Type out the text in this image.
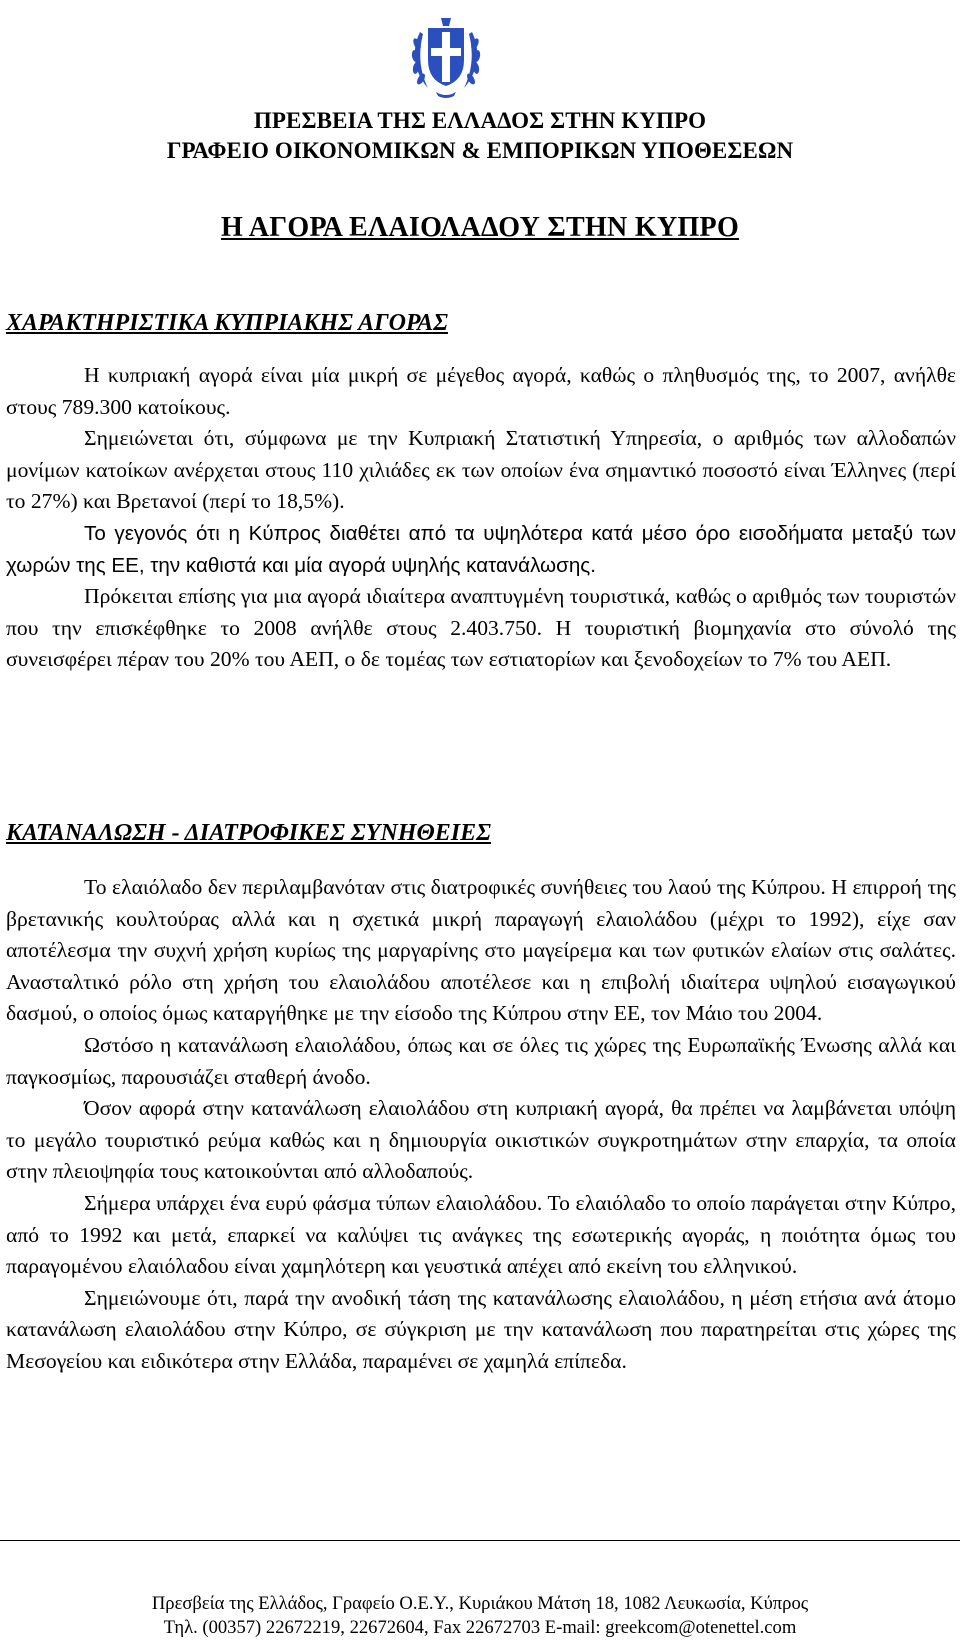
ΠΡΕΣΒΕΙΑ ΤΗΣ ΕΛΛΑΔΟΣ ΣΤΗΝ ΚΥΠΡΟ
ΓΡΑΦΕΙΟ ΟΙΚΟΝΟΜΙΚΩΝ & ΕΜΠΟΡΙΚΩΝ ΥΠΟΘΕΣΕΩΝ
Η ΑΓΟΡΑ ΕΛΑΙΟΛΑΔΟΥ ΣΤΗΝ ΚΥΠΡΟ
ΧΑΡΑΚΤΗΡΙΣΤΙΚΑ ΚΥΠΡΙΑΚΗΣ ΑΓΟΡΑΣ

Η κυπριακή αγορά είναι μία μικρή σε μέγεθος αγορά, καθώς ο πληθυσμός της, το 2007, ανήλθε στους 789.300 κατοίκους.

Σημειώνεται ότι, σύμφωνα με την Κυπριακή Στατιστική Υπηρεσία, ο αριθμός των αλλοδαπών μονίμων κατοίκων ανέρχεται στους 110 χιλιάδες εκ των οποίων ένα σημαντικό ποσοστό είναι Έλληνες (περί το 27%) και Βρετανοί (περί το 18,5%).

Το γεγονός ότι η Κύπρος διαθέτει από τα υψηλότερα κατά μέσο όρο εισοδήματα μεταξύ των χωρών της ΕΕ, την καθιστά και μία αγορά υψηλής κατανάλωσης.

Πρόκειται επίσης για μια αγορά ιδιαίτερα αναπτυγμένη τουριστικά, καθώς ο αριθμός των τουριστών που την επισκέφθηκε το 2008 ανήλθε στους 2.403.750. Η τουριστική βιομηχανία στο σύνολό της συνεισφέρει πέραν του 20% του ΑΕΠ, ο δε τομέας των εστιατορίων και ξενοδοχείων το 7% του ΑΕΠ.

ΚΑΤΑΝΑΛΩΣΗ - ΔΙΑΤΡΟΦΙΚΕΣ ΣΥΝΗΘΕΙΕΣ

Το ελαιόλαδο δεν περιλαμβανόταν στις διατροφικές συνήθειες του λαού της Κύπρου. Η επιρροή της βρετανικής κουλτούρας αλλά και η σχετικά μικρή παραγωγή ελαιολάδου (μέχρι το 1992), είχε σαν αποτέλεσμα την συχνή χρήση κυρίως της μαργαρίνης στο μαγείρεμα και των φυτικών ελαίων στις σαλάτες. Ανασταλτικό ρόλο στη χρήση του ελαιολάδου αποτέλεσε και η επιβολή ιδιαίτερα υψηλού εισαγωγικού δασμού, ο οποίος όμως καταργήθηκε με την είσοδο της Κύπρου στην ΕΕ, τον Μάιο του 2004.

Ωστόσο η κατανάλωση ελαιολάδου, όπως και σε όλες τις χώρες της Ευρωπαϊκής Ένωσης αλλά και παγκοσμίως, παρουσιάζει σταθερή άνοδο.

Όσον αφορά στην κατανάλωση ελαιολάδου στη κυπριακή αγορά, θα πρέπει να λαμβάνεται υπόψη το μεγάλο τουριστικό ρεύμα καθώς και η δημιουργία οικιστικών συγκροτημάτων στην επαρχία, τα οποία στην πλειοψηφία τους κατοικούνται από αλλοδαπούς.

Σήμερα υπάρχει ένα ευρύ φάσμα τύπων ελαιολάδου. Το ελαιόλαδο το οποίο παράγεται στην Κύπρο, από το 1992 και μετά, επαρκεί να καλύψει τις ανάγκες της εσωτερικής αγοράς, η ποιότητα όμως του παραγομένου ελαιόλαδου είναι χαμηλότερη και γευστικά απέχει από εκείνη του ελληνικού.

Σημειώνουμε ότι, παρά την ανοδική τάση της κατανάλωσης ελαιολάδου, η μέση ετήσια ανά άτομο κατανάλωση ελαιολάδου στην Κύπρο, σε σύγκριση με την κατανάλωση που παρατηρείται στις χώρες της Μεσογείου και ειδικότερα στην Ελλάδα, παραμένει σε χαμηλά επίπεδα.

Πρεσβεία της Ελλάδος, Γραφείο Ο.Ε.Υ., Κυριάκου Μάτση 18, 1082 Λευκωσία, Κύπρος
Τηλ. (00357) 22672219, 22672604, Fax 22672703 E-mail: greekcom@otenettel.com
